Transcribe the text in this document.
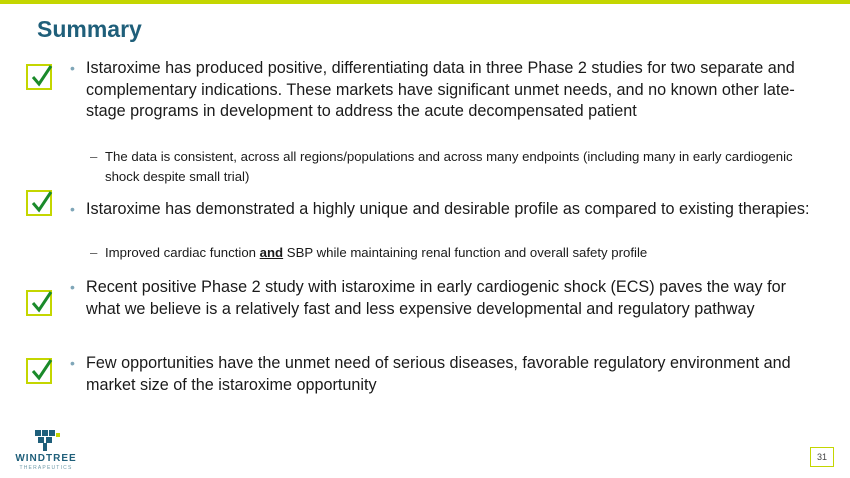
Summary
• Istaroxime has produced positive, differentiating data in three Phase 2 studies for two separate and complementary indications. These markets have significant unmet needs, and no known other late-stage programs in development to address the acute decompensated patient
– The data is consistent, across all regions/populations and across many endpoints (including many in early cardiogenic shock despite small trial)
• Istaroxime has demonstrated a highly unique and desirable profile as compared to existing therapies:
– Improved cardiac function and SBP while maintaining renal function and overall safety profile
• Recent positive Phase 2 study with istaroxime in early cardiogenic shock (ECS) paves the way for what we believe is a relatively fast and less expensive developmental and regulatory pathway
• Few opportunities have the unmet need of serious diseases, favorable regulatory environment and market size of the istaroxime opportunity
WINDTREE
THERAPEUTICS
31
